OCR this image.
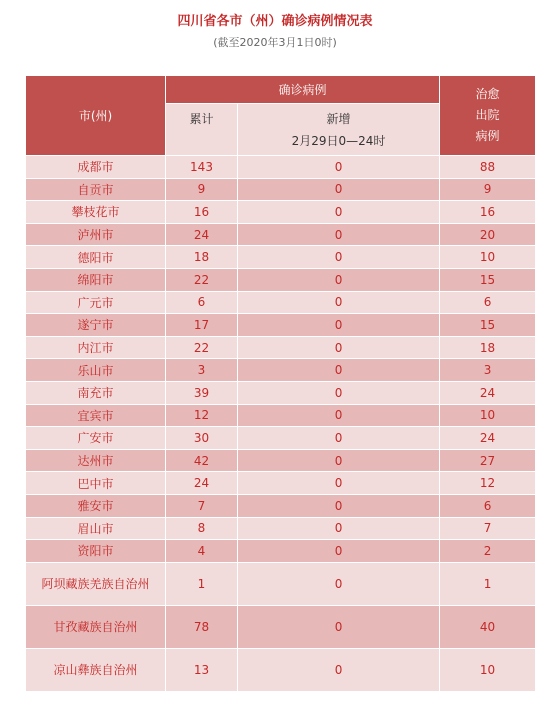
四川省各市（州）确诊病例情况表
(截至2020年3月1日0时)
市(州)	确诊病例		治愈
出院
病例

	累计	新增
2月29日0—24时	

成都市	143	0	88
自贡市	9	0	9
攀枝花市	16	0	16
泸州市	24	0	20
德阳市	18	0	10
绵阳市	22	0	15
广元市	6	0	6
遂宁市	17	0	15
内江市	22	0	18
乐山市	3	0	3
南充市	39	0	24
宜宾市	12	0	10
广安市	30	0	24
达州市	42	0	27
巴中市	24	0	12
雅安市	7	0	6
眉山市	8	0	7
资阳市	4	0	2
阿坝藏族羌族自治州	1	0	1
甘孜藏族自治州	78	0	40
凉山彝族自治州	13	0	10
